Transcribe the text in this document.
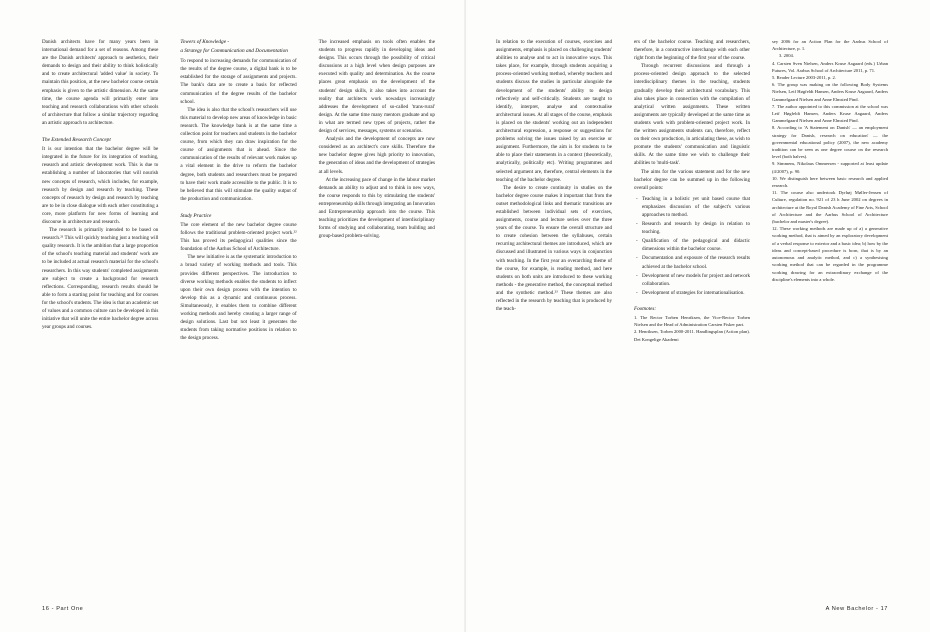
Danish architects have for many years been in international demand for a set of reasons. Among these are the Danish architects' approach to aesthetics, their demands to design and their ability to think holistically and to create architectural 'added value' in society. To maintain this position, at the new bachelor course certain emphasis is given to the artistic dimension. At the same time, the course agenda will primarily enter into teaching and research collaborations with other schools of architecture that follow a similar trajectory regarding an artistic approach to architecture.

The Extended Research Concept

It is our intention that the bachelor degree will be integrated in the future for its integration of teaching, research and artistic development work. This is due to establishing a number of laboratories that will nourish new concepts of research, which includes, for example, research by design and research by teaching. These concepts of research by design and research by teaching are to be in close dialogue with each other constituting a core, more platform for new forms of learning and discourse in architecture and research.

The research is primarily intended to be based on research.²¹ This will quickly teaching just a teaching will quality research. It is the ambition that a large proportion of the school's teaching material and students' work are to be included at actual research material for the school's researchers. In this way students' completed assignments are subject to create a background for research reflections. Corresponding, research results should be able to form a starting point for teaching and for courses for the school's students. The idea is that an academic set of values and a common culture can be developed in this initiative that will unite the entire bachelor degree across year groups and courses.

Towers of Knowledge -
a Strategy for Communication and Documentation

To respond to increasing demands for communication of the results of the degree course, a digital bank is to be established for the storage of assignments and projects. The bank's data are to create a basis for reflected communication of the degree results of the bachelor school.

The idea is also that the school's researchers will use this material to develop new areas of knowledge in basic research. The knowledge bank is at the same time a collection point for teachers and students in the bachelor course, from which they can draw inspiration for the course of assignments that is ahead. Since the communication of the results of relevant work makes up a vital element in the drive to reform the bachelor degree, both students and researchers must be prepared to have their work made accessible to the public. It is to be believed that this will stimulate the quality output of the production and communication.

Study Practice

The core element of the new bachelor degree course follows the traditional problem-oriented project work.²² This has proved its pedagogical qualities since the foundation of the Aarhus School of Architecture.

The new initiative is as the systematic introduction to a broad variety of working methods and tools. This provides different perspectives. The introduction to diverse working methods enables the students to inflect upon their own design process with the intention to develop this as a dynamic and continuous process. Simultaneously, it enables them to combine different working methods and hereby creating a larger range of design solutions. Last but not least it generates the students from taking normative positions in relation to the design process.

The increased emphasis on tools often enables the students to progress rapidly in developing ideas and designs. This occurs through the possibility of critical discussions at a high level when design purposes are executed with quality and determination. As the course places great emphasis on the development of the students' design skills, it also takes into account the reality that architects work nowadays increasingly addresses the development of so-called 'trans-rural' design. At the same time many mentors graduate and up in what are termed new types of projects, rather the design of services, messages, systems or scenarios.

Analysis and the development of concepts are now considered as an architect's core skills. Therefore the new bachelor degree gives high priority to innovation, the generation of ideas and the development of strategies at all levels.

At the increasing pace of change in the labour market demands an ability to adjust and to think in new ways, the course responds to this by stimulating the students' entrepreneurship skills through integrating an Innovation and Entrepreneurship approach into the course. This teaching prioritizes the development of interdisciplinary forms of studying and collaborating, team building and group-based problem-solving.

16 - Part One

In relation to the execution of courses, exercises and assignments, emphasis is placed on challenging students' abilities to analyse and to act in innovative ways. This takes place, for example, through students acquiring a process-oriented working method, whereby teachers and students discuss the studies in particular alongside the development of the students' ability to design reflectively and self-critically. Students are taught to identify, interpret, analyse and contextualise architectural issues. At all stages of the course, emphasis is placed on the students' working out an independent architectural expression, a response or suggestions for problems solving the issues raised by an exercise or assignment. Furthermore, the aim is for students to be able to place their statements in a context (theoretically, analytically, politically etc). Writing programmes and selected argument are, therefore, central elements in the teaching of the bachelor degree.

The desire to create continuity in studies on the bachelor degree course makes it important that from the outset methodological links and thematic transitions are established between individual sets of exercises, assignments, course and lecture series over the three years of the course. To ensure the overall structure and to create cohesion between the syllabuses, certain recurring architectural themes are introduced, which are discussed and illustrated in various ways in conjunction with teaching. In the first year an overarching theme of the course, for example, is reading method, and here students on both units are introduced to these working methods - the generative method, the conceptual method and the synthetic method.²³ These themes are also reflected in the research by teaching that is produced by the teach-

ers of the bachelor course. Teaching and researchers, therefore, in a constructive interchange with each other right from the beginning of the first year of the course.

Through recurrent discussions and through a process-oriented design approach to the selected interdisciplinary themes in the teaching, students gradually develop their architectural vocabulary. This also takes place in connection with the compilation of analytical written assignments. These written assignments are typically developed at the same time as students work with problem-oriented project work. In the written assignments students can, therefore, reflect on their own production, in articulating these, as wish to promote the students' communication and linguistic skills. At the same time we wish to challenge their abilities to 'multi-task'.

The aims for the various statement and for the new bachelor degree can be summed up in the following overall points:

- Teaching in a holistic yet unit based course that emphasizes discussion of the subject's various approaches to method.
- Research and research by design in relation to teaching.
- Qualification of the pedagogical and didactic dimensions within the bachelor course.
- Documentation and exposure of the research results achieved at the bachelor school.
- Development of new models for project and network collaboration.
- Development of strategies for internationalisation.
Footnotes:
The Rector Torben Henriksen, the Vice-Rector Torben Nielsen and the Head of Administration Carsten Fisker part.
Henriksen, Torben 2000-2011. Handlingsplan (Action plan). Det Kongelige Akademi

sey 2006 for an Action Plan for the Aarhus School of Architecture, p. 1.

3. 2004.

4. Carsten Sven Nielsen, Anders Kruse Aagaard (eds.) Urban Futures, Vol. Aarhus School of Architecture 2011, p. 71.

5. Reader Lecture 2003-2011, p. 2.

6. The group was making on the following Body Systems Nielsen, Leif Høgfeldt Hansen, Anders Kruse Aagaard, Anders Gammelgaard Nielsen and Anne Elmsted Pind.

7. The author appointed to this commission at the school was Leif Høgfeldt Hansen, Anders Kruse Aagaard, Anders Gammelgaard Nielsen and Anne Elmsted Pind.

8. According to 'A Statement on Danish' — an employment strategy for Danish, research on education' — the governmental educational policy (2007), the new academy tradition can be seen as one degree course on the research level (both halves).

9. Simmens, Nikolaus Ommersen - supported at least update (4/2007), p. 90.

10. We distinguish here between basic research and applied research.

11. The course also undertook Dyrhøj Møller-Jensen of Culture, regulation no. 921 of 23 h June 2002 on degrees in architecture at the Royal Danish Academy of Fine Arts, School of Architecture and the Aarhus School of Architecture (bachelor and master's degree).

12. These working methods are made up of a) a generative working method, that is aimed by an exploratory development of a verbal response to exterior and a basic idea; b) how by the ideas and concept-based procedure is born, that is by an autonomous and analytic method, and c) a synthesising working method that can be regarded in the programme working drawing for an extraordinary exchange of the discipline's elements into a whole.

A New Bachelor - 17
